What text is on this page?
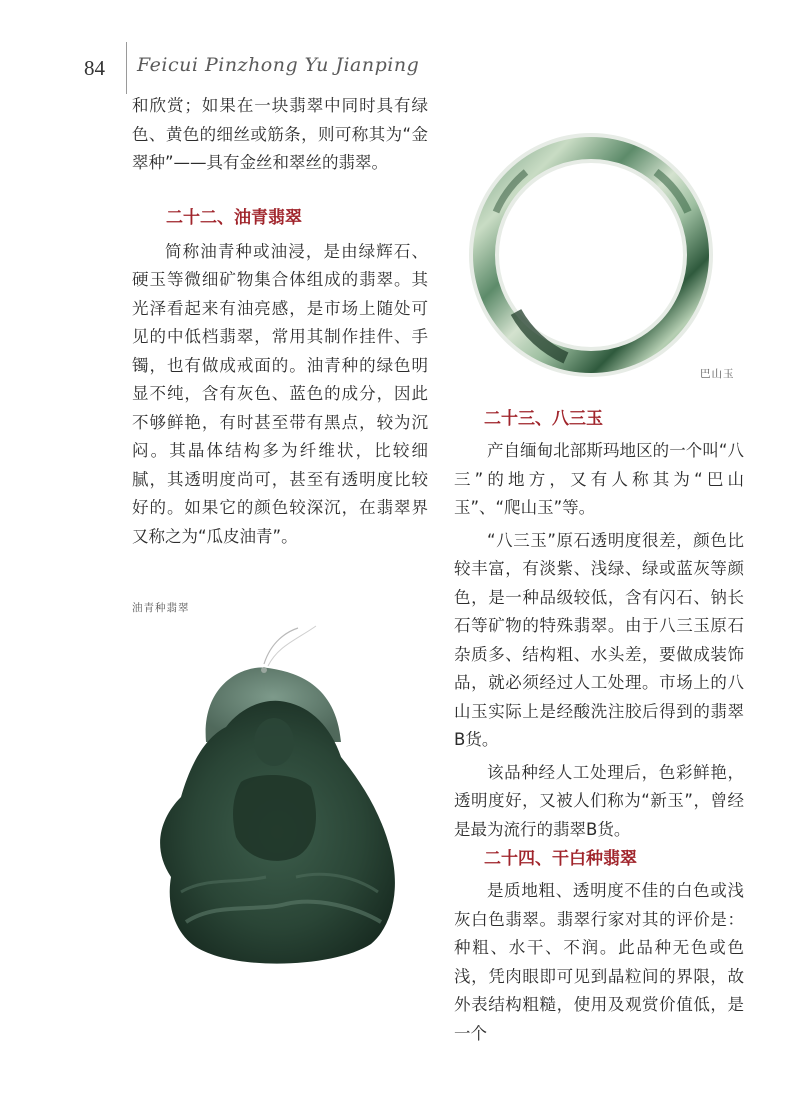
84 Feicui Pinzhong Yu Jianping

和欣赏；如果在一块翡翠中同时具有绿色、黄色的细丝或筋条，则可称其为“金翠种”——具有金丝和翠丝的翡翠。

二十二、油青翡翠

简称油青种或油浸，是由绿辉石、硬玉等微细矿物集合体组成的翡翠。其光泽看起来有油亮感，是市场上随处可见的中低档翡翠，常用其制作挂件、手镯，也有做成戒面的。油青种的绿色明显不纯，含有灰色、蓝色的成分，因此不够鲜艳，有时甚至带有黑点，较为沉闷。其晶体结构多为纤维状，比较细腻，其透明度尚可，甚至有透明度比较好的。如果它的颜色较深沉，在翡翠界又称之为“瓜皮油青”。

二十三、八三玉

产自缅甸北部斯玛地区的一个叫“八三”的地方，又有人称其为“巴山玉”、“爬山玉”等。

“八三玉”原石透明度很差，颜色比较丰富，有淡紫、浅绿、绿或蓝灰等颜色，是一种品级较低，含有闪石、钠长石等矿物的特殊翡翠。由于八三玉原石杂质多、结构粗、水头差，要做成装饰品，就必须经过人工处理。市场上的八山玉实际上是经酸洗注胶后得到的翡翠B货。

该品种经人工处理后，色彩鲜艳，透明度好，又被人们称为“新玉”，曾经是最为流行的翡翠B货。

二十四、干白种翡翠

是质地粗、透明度不佳的白色或浅灰白色翡翠。翡翠行家对其的评价是：种粗、水干、不润。此品种无色或色浅，凭肉眼即可见到晶粒间的界限，故外表结构粗糙，使用及观赏价值低，是一个

巴山玉
油青种翡翠
